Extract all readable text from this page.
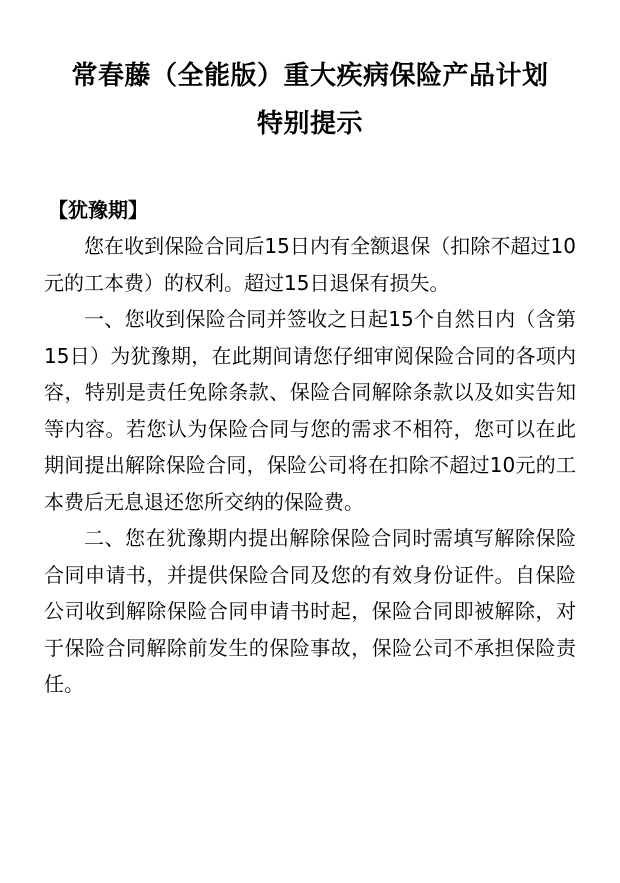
常春藤（全能版）重大疾病保险产品计划
特别提示
【犹豫期】

您在收到保险合同后15日内有全额退保（扣除不超过10元的工本费）的权利。超过15日退保有损失。

一、您收到保险合同并签收之日起15个自然日内（含第15日）为犹豫期，在此期间请您仔细审阅保险合同的各项内容，特别是责任免除条款、保险合同解除条款以及如实告知等内容。若您认为保险合同与您的需求不相符，您可以在此期间提出解除保险合同，保险公司将在扣除不超过10元的工本费后无息退还您所交纳的保险费。

二、您在犹豫期内提出解除保险合同时需填写解除保险合同申请书，并提供保险合同及您的有效身份证件。自保险公司收到解除保险合同申请书时起，保险合同即被解除，对于保险合同解除前发生的保险事故，保险公司不承担保险责任。
